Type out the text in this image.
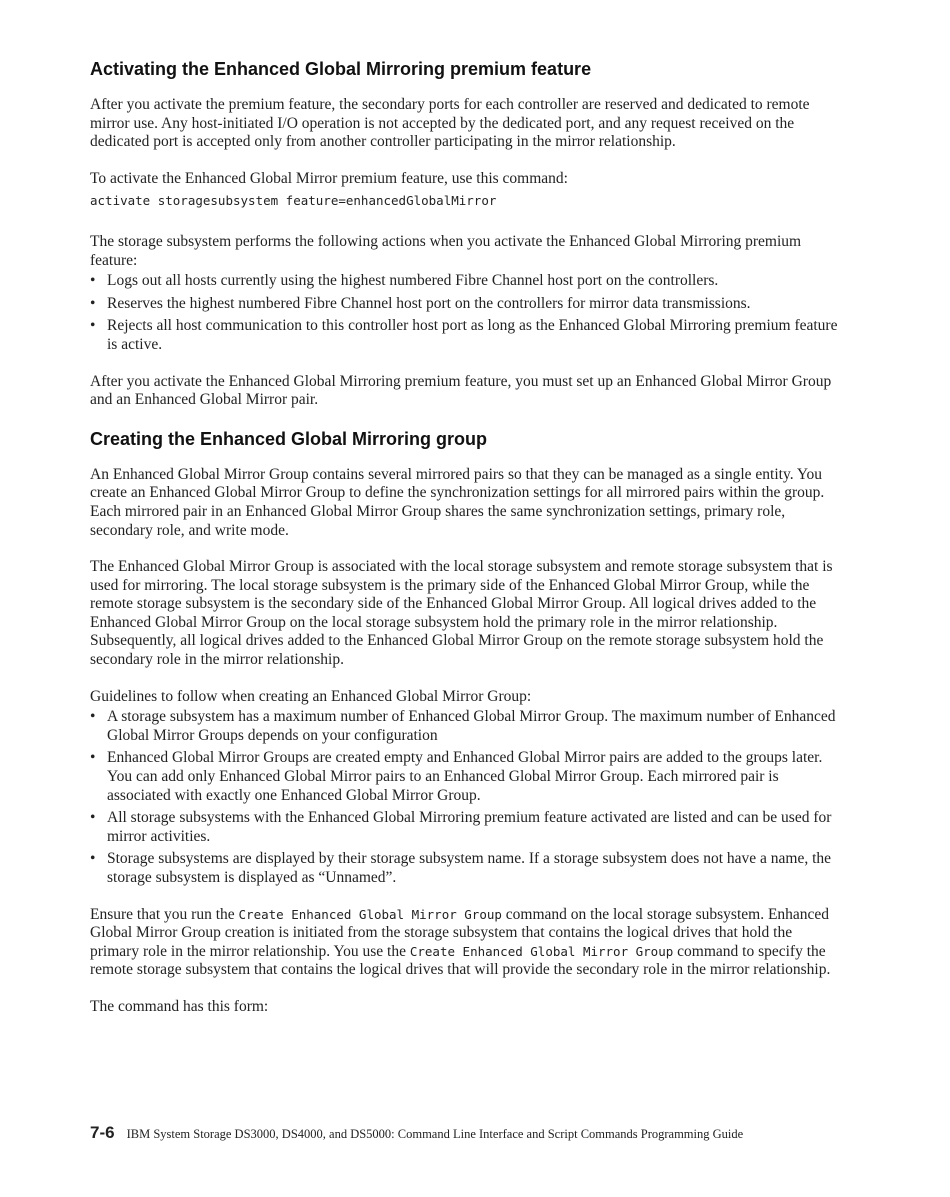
Activating the Enhanced Global Mirroring premium feature

After you activate the premium feature, the secondary ports for each controller are reserved and dedicated to remote mirror use. Any host-initiated I/O operation is not accepted by the dedicated port, and any request received on the dedicated port is accepted only from another controller participating in the mirror relationship.

To activate the Enhanced Global Mirror premium feature, use this command:

activate storagesubsystem feature=enhancedGlobalMirror

The storage subsystem performs the following actions when you activate the Enhanced Global Mirroring premium feature:

• Logs out all hosts currently using the highest numbered Fibre Channel host port on the controllers.
• Reserves the highest numbered Fibre Channel host port on the controllers for mirror data transmissions.
• Rejects all host communication to this controller host port as long as the Enhanced Global Mirroring premium feature is active.

After you activate the Enhanced Global Mirroring premium feature, you must set up an Enhanced Global Mirror Group and an Enhanced Global Mirror pair.

Creating the Enhanced Global Mirroring group

An Enhanced Global Mirror Group contains several mirrored pairs so that they can be managed as a single entity. You create an Enhanced Global Mirror Group to define the synchronization settings for all mirrored pairs within the group. Each mirrored pair in an Enhanced Global Mirror Group shares the same synchronization settings, primary role, secondary role, and write mode.

The Enhanced Global Mirror Group is associated with the local storage subsystem and remote storage subsystem that is used for mirroring. The local storage subsystem is the primary side of the Enhanced Global Mirror Group, while the remote storage subsystem is the secondary side of the Enhanced Global Mirror Group. All logical drives added to the Enhanced Global Mirror Group on the local storage subsystem hold the primary role in the mirror relationship. Subsequently, all logical drives added to the Enhanced Global Mirror Group on the remote storage subsystem hold the secondary role in the mirror relationship.

Guidelines to follow when creating an Enhanced Global Mirror Group:

• A storage subsystem has a maximum number of Enhanced Global Mirror Group. The maximum number of Enhanced Global Mirror Groups depends on your configuration
• Enhanced Global Mirror Groups are created empty and Enhanced Global Mirror pairs are added to the groups later. You can add only Enhanced Global Mirror pairs to an Enhanced Global Mirror Group. Each mirrored pair is associated with exactly one Enhanced Global Mirror Group.
• All storage subsystems with the Enhanced Global Mirroring premium feature activated are listed and can be used for mirror activities.
• Storage subsystems are displayed by their storage subsystem name. If a storage subsystem does not have a name, the storage subsystem is displayed as “Unnamed”.

Ensure that you run the Create Enhanced Global Mirror Group command on the local storage subsystem. Enhanced Global Mirror Group creation is initiated from the storage subsystem that contains the logical drives that hold the primary role in the mirror relationship. You use the Create Enhanced Global Mirror Group command to specify the remote storage subsystem that contains the logical drives that will provide the secondary role in the mirror relationship.

The command has this form:

7-6 IBM System Storage DS3000, DS4000, and DS5000: Command Line Interface and Script Commands Programming Guide
